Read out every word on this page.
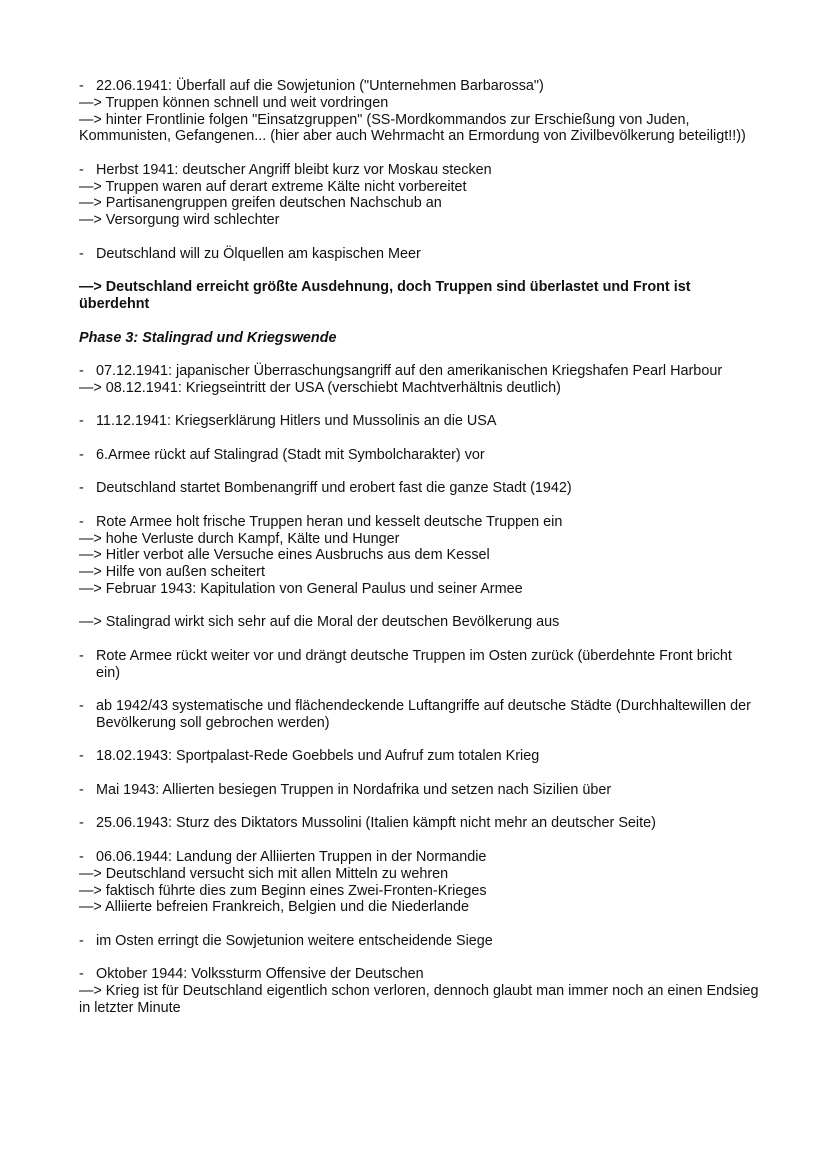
- 22.06.1941: Überfall auf die Sowjetunion ("Unternehmen Barbarossa")
—> Truppen können schnell und weit vordringen
—> hinter Frontlinie folgen "Einsatzgruppen" (SS-Mordkommandos zur Erschießung von Juden, Kommunisten, Gefangenen... (hier aber auch Wehrmacht an Ermordung von Zivilbevölkerung beteiligt!!))
- Herbst 1941: deutscher Angriff bleibt kurz vor Moskau stecken
—> Truppen waren auf derart extreme Kälte nicht vorbereitet
—> Partisanengruppen greifen deutschen Nachschub an
—> Versorgung wird schlechter
- Deutschland will zu Ölquellen am kaspischen Meer
—> Deutschland erreicht größte Ausdehnung, doch Truppen sind überlastet und Front ist überdehnt
Phase 3: Stalingrad und Kriegswende
- 07.12.1941: japanischer Überraschungsangriff auf den amerikanischen Kriegshafen Pearl Harbour
—> 08.12.1941: Kriegseintritt der USA (verschiebt Machtverhältnis deutlich)
- 11.12.1941: Kriegserklärung Hitlers und Mussolinis an die USA
- 6.Armee rückt auf Stalingrad (Stadt mit Symbolcharakter) vor
- Deutschland startet Bombenangriff und erobert fast die ganze Stadt (1942)
- Rote Armee holt frische Truppen heran und kesselt deutsche Truppen ein
—> hohe Verluste durch Kampf, Kälte und Hunger
—> Hitler verbot alle Versuche eines Ausbruchs aus dem Kessel
—> Hilfe von außen scheitert
—> Februar 1943: Kapitulation von General Paulus und seiner Armee
—> Stalingrad wirkt sich sehr auf die Moral der deutschen Bevölkerung aus
- Rote Armee rückt weiter vor und drängt deutsche Truppen im Osten zurück (überdehnte Front bricht ein)
- ab 1942/43 systematische und flächendeckende Luftangriffe auf deutsche Städte (Durchhaltewillen der Bevölkerung soll gebrochen werden)
- 18.02.1943: Sportpalast-Rede Goebbels und Aufruf zum totalen Krieg
- Mai 1943: Allierten besiegen Truppen in Nordafrika und setzen nach Sizilien über
- 25.06.1943: Sturz des Diktators Mussolini (Italien kämpft nicht mehr an deutscher Seite)
- 06.06.1944: Landung der Alliierten Truppen in der Normandie
—> Deutschland versucht sich mit allen Mitteln zu wehren
—> faktisch führte dies zum Beginn eines Zwei-Fronten-Krieges
—> Alliierte befreien Frankreich, Belgien und die Niederlande
- im Osten erringt die Sowjetunion weitere entscheidende Siege
- Oktober 1944: Volkssturm Offensive der Deutschen
—> Krieg ist für Deutschland eigentlich schon verloren, dennoch glaubt man immer noch an einen Endsieg in letzter Minute
